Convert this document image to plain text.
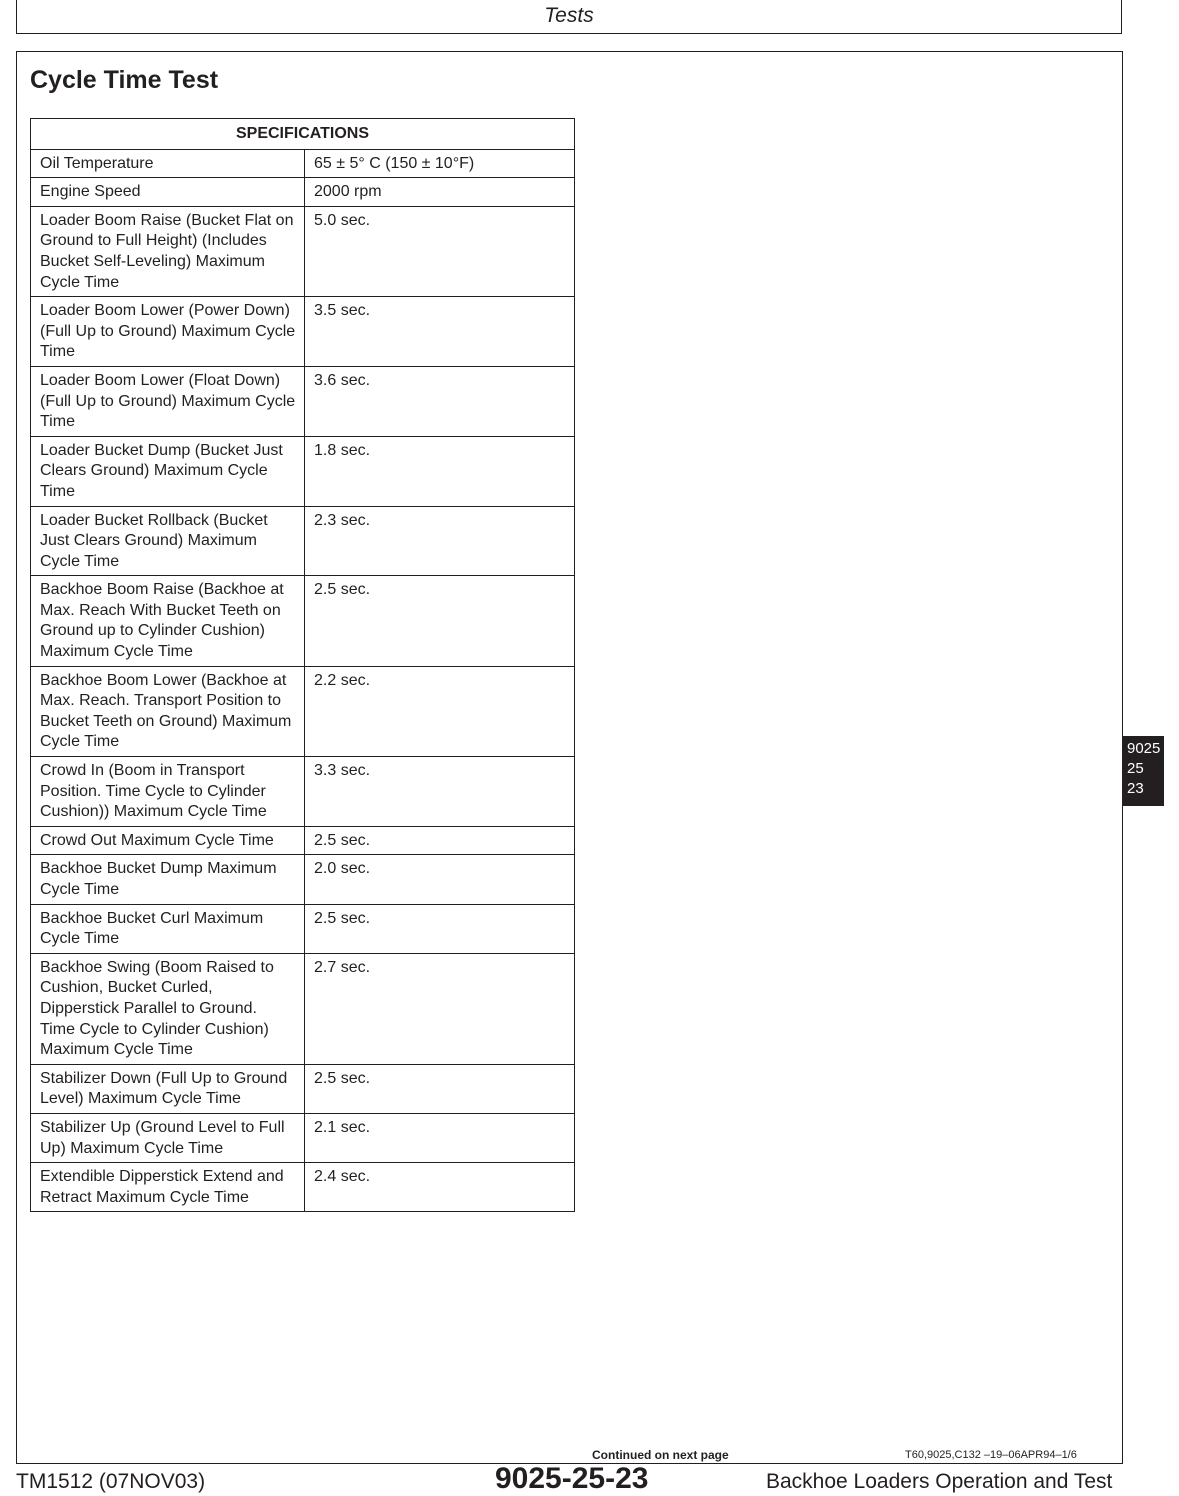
Tests
Cycle Time Test
SPECIFICATIONS	
Oil Temperature	65 ± 5° C (150 ± 10°F)
Engine Speed	2000 rpm
Loader Boom Raise (Bucket Flat on Ground to Full Height) (Includes Bucket Self-Leveling) Maximum Cycle Time	5.0 sec.
Loader Boom Lower (Power Down) (Full Up to Ground) Maximum Cycle Time	3.5 sec.
Loader Boom Lower (Float Down) (Full Up to Ground) Maximum Cycle Time	3.6 sec.
Loader Bucket Dump (Bucket Just Clears Ground) Maximum Cycle Time	1.8 sec.
Loader Bucket Rollback (Bucket Just Clears Ground) Maximum Cycle Time	2.3 sec.
Backhoe Boom Raise (Backhoe at Max. Reach With Bucket Teeth on Ground up to Cylinder Cushion) Maximum Cycle Time	2.5 sec.
Backhoe Boom Lower (Backhoe at Max. Reach. Transport Position to Bucket Teeth on Ground) Maximum Cycle Time	2.2 sec.
Crowd In (Boom in Transport Position. Time Cycle to Cylinder Cushion)) Maximum Cycle Time	3.3 sec.
Crowd Out Maximum Cycle Time	2.5 sec.
Backhoe Bucket Dump Maximum Cycle Time	2.0 sec.
Backhoe Bucket Curl Maximum Cycle Time	2.5 sec.
Backhoe Swing (Boom Raised to Cushion, Bucket Curled, Dipperstick Parallel to Ground. Time Cycle to Cylinder Cushion) Maximum Cycle Time	2.7 sec.
Stabilizer Down (Full Up to Ground Level) Maximum Cycle Time	2.5 sec.
Stabilizer Up (Ground Level to Full Up) Maximum Cycle Time	2.1 sec.
Extendible Dipperstick Extend and Retract Maximum Cycle Time	2.4 sec.
9025
25
23
Continued on next page	T60,9025,C132 –19–06APR94–1/6
TM1512 (07NOV03)	9025-25-23	Backhoe Loaders Operation and Test
